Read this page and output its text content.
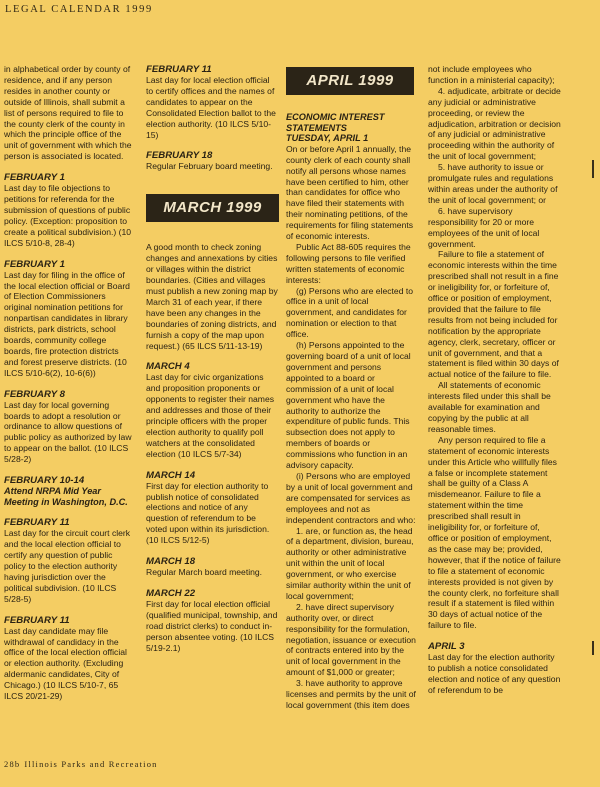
LEGAL CALENDAR 1999

in alphabetical order by county of residence, and if any person resides in another county or outside of Illinois, shall submit a list of persons required to file to the county clerk of the county in which the principle office of the unit of government with which the person is associated is located.

FEBRUARY 1

Last day to file objections to petitions for referenda for the submission of questions of public policy. (Exception: proposition to create a political subdivision.) (10 ILCS 5/10-8, 28-4)

FEBRUARY 1

Last day for filing in the office of the local election official or Board of Election Commissioners original nomination petitions for nonpartisan candidates in library districts, park districts, school boards, community college boards, fire protection districts and forest preserve districts. (10 ILCS 5/10-6(2), 10-6(6))

FEBRUARY 8

Last day for local governing boards to adopt a resolution or ordinance to allow questions of public policy as authorized by law to appear on the ballot. (10 ILCS 5/28-2)

FEBRUARY 10-14
Attend NRPA Mid Year Meeting in Washington, D.C.
FEBRUARY 11

Last day for the circuit court clerk and the local election official to certify any question of public policy to the election authority having jurisdiction over the political subdivision. (10 ILCS 5/28-5)

FEBRUARY 11

Last day candidate may file withdrawal of candidacy in the office of the local election official or election authority. (Excluding aldermanic candidates, City of Chicago.) (10 ILCS 5/10-7, 65 ILCS 20/21-29)

FEBRUARY 11

Last day for local election official to certify offices and the names of candidates to appear on the Consolidated Election ballot to the election authority. (10 ILCS 5/10-15)

FEBRUARY 18

Regular February board meeting.

MARCH 1999

A good month to check zoning changes and annexations by cities or villages within the district boundaries. (Cities and villages must publish a new zoning map by March 31 of each year, if there have been any changes in the boundaries of zoning districts, and furnish a copy of the map upon request.) (65 ILCS 5/11-13-19)

MARCH 4

Last day for civic organizations and proposition proponents or opponents to register their names and addresses and those of their principle officers with the proper election authority to qualify poll watchers at the consolidated election (10 ILCS 5/7-34)

MARCH 14

First day for election authority to publish notice of consolidated elections and notice of any question of referendum to be voted upon within its jurisdiction. (10 ILCS 5/12-5)

MARCH 18

Regular March board meeting.

MARCH 22

First day for local election official (qualified municipal, township, and road district clerks) to conduct in-person absentee voting. (10 ILCS 5/19-2.1)

APRIL 1999
ECONOMIC INTEREST STATEMENTS
TUESDAY, APRIL 1

On or before April 1 annually, the county clerk of each county shall notify all persons whose names have been certified to him, other than candidates for office who have filed their statements with their nominating petitions, of the requirements for filing statements of economic interests.

Public Act 88-605 requires the following persons to file verified written statements of economic interests:

(g) Persons who are elected to office in a unit of local government, and candidates for nomination or election to that office.

(h) Persons appointed to the governing board of a unit of local government and persons appointed to a board or commission of a unit of local government who have the authority to authorize the expenditure of public funds. This subsection does not apply to members of boards or commissions who function in an advisory capacity.

(i) Persons who are employed by a unit of local government and are compensated for services as employees and not as independent contractors and who:

1. are, or function as, the head of a department, division, bureau, authority or other administrative unit within the unit of local government, or who exercise similar authority within the unit of local government;

2. have direct supervisory authority over, or direct responsibility for the formulation, negotiation, issuance or execution of contracts entered into by the unit of local government in the amount of $1,000 or greater;

3. have authority to approve licenses and permits by the unit of local government (this item does

not include employees who function in a ministerial capacity);

4. adjudicate, arbitrate or decide any judicial or administrative proceeding, or review the adjudication, arbitration or decision of any judicial or administrative proceeding within the authority of the unit of local government;

5. have authority to issue or promulgate rules and regulations within areas under the authority of the unit of local government; or

6. have supervisory responsibility for 20 or more employees of the unit of local government.

Failure to file a statement of economic interests within the time prescribed shall not result in a fine or ineligibility for, or forfeiture of, office or position of employment, provided that the failure to file results from not being included for notification by the appropriate agency, clerk, secretary, officer or unit of government, and that a statement is filed within 30 days of actual notice of the failure to file.

All statements of economic interests filed under this shall be available for examination and copying by the public at all reasonable times.

Any person required to file a statement of economic interests under this Article who willfully files a false or incomplete statement shall be guilty of a Class A misdemeanor. Failure to file a statement within the time prescribed shall result in ineligibility for, or forfeiture of, office or position of employment, as the case may be; provided, however, that if the notice of failure to file a statement of economic interests provided is not given by the county clerk, no forfeiture shall result if a statement is filed within 30 days of actual notice of the failure to file.

APRIL 3

Last day for the election authority to publish a notice consolidated election and notice of any question of referendum to be

28b Illinois Parks and Recreation
